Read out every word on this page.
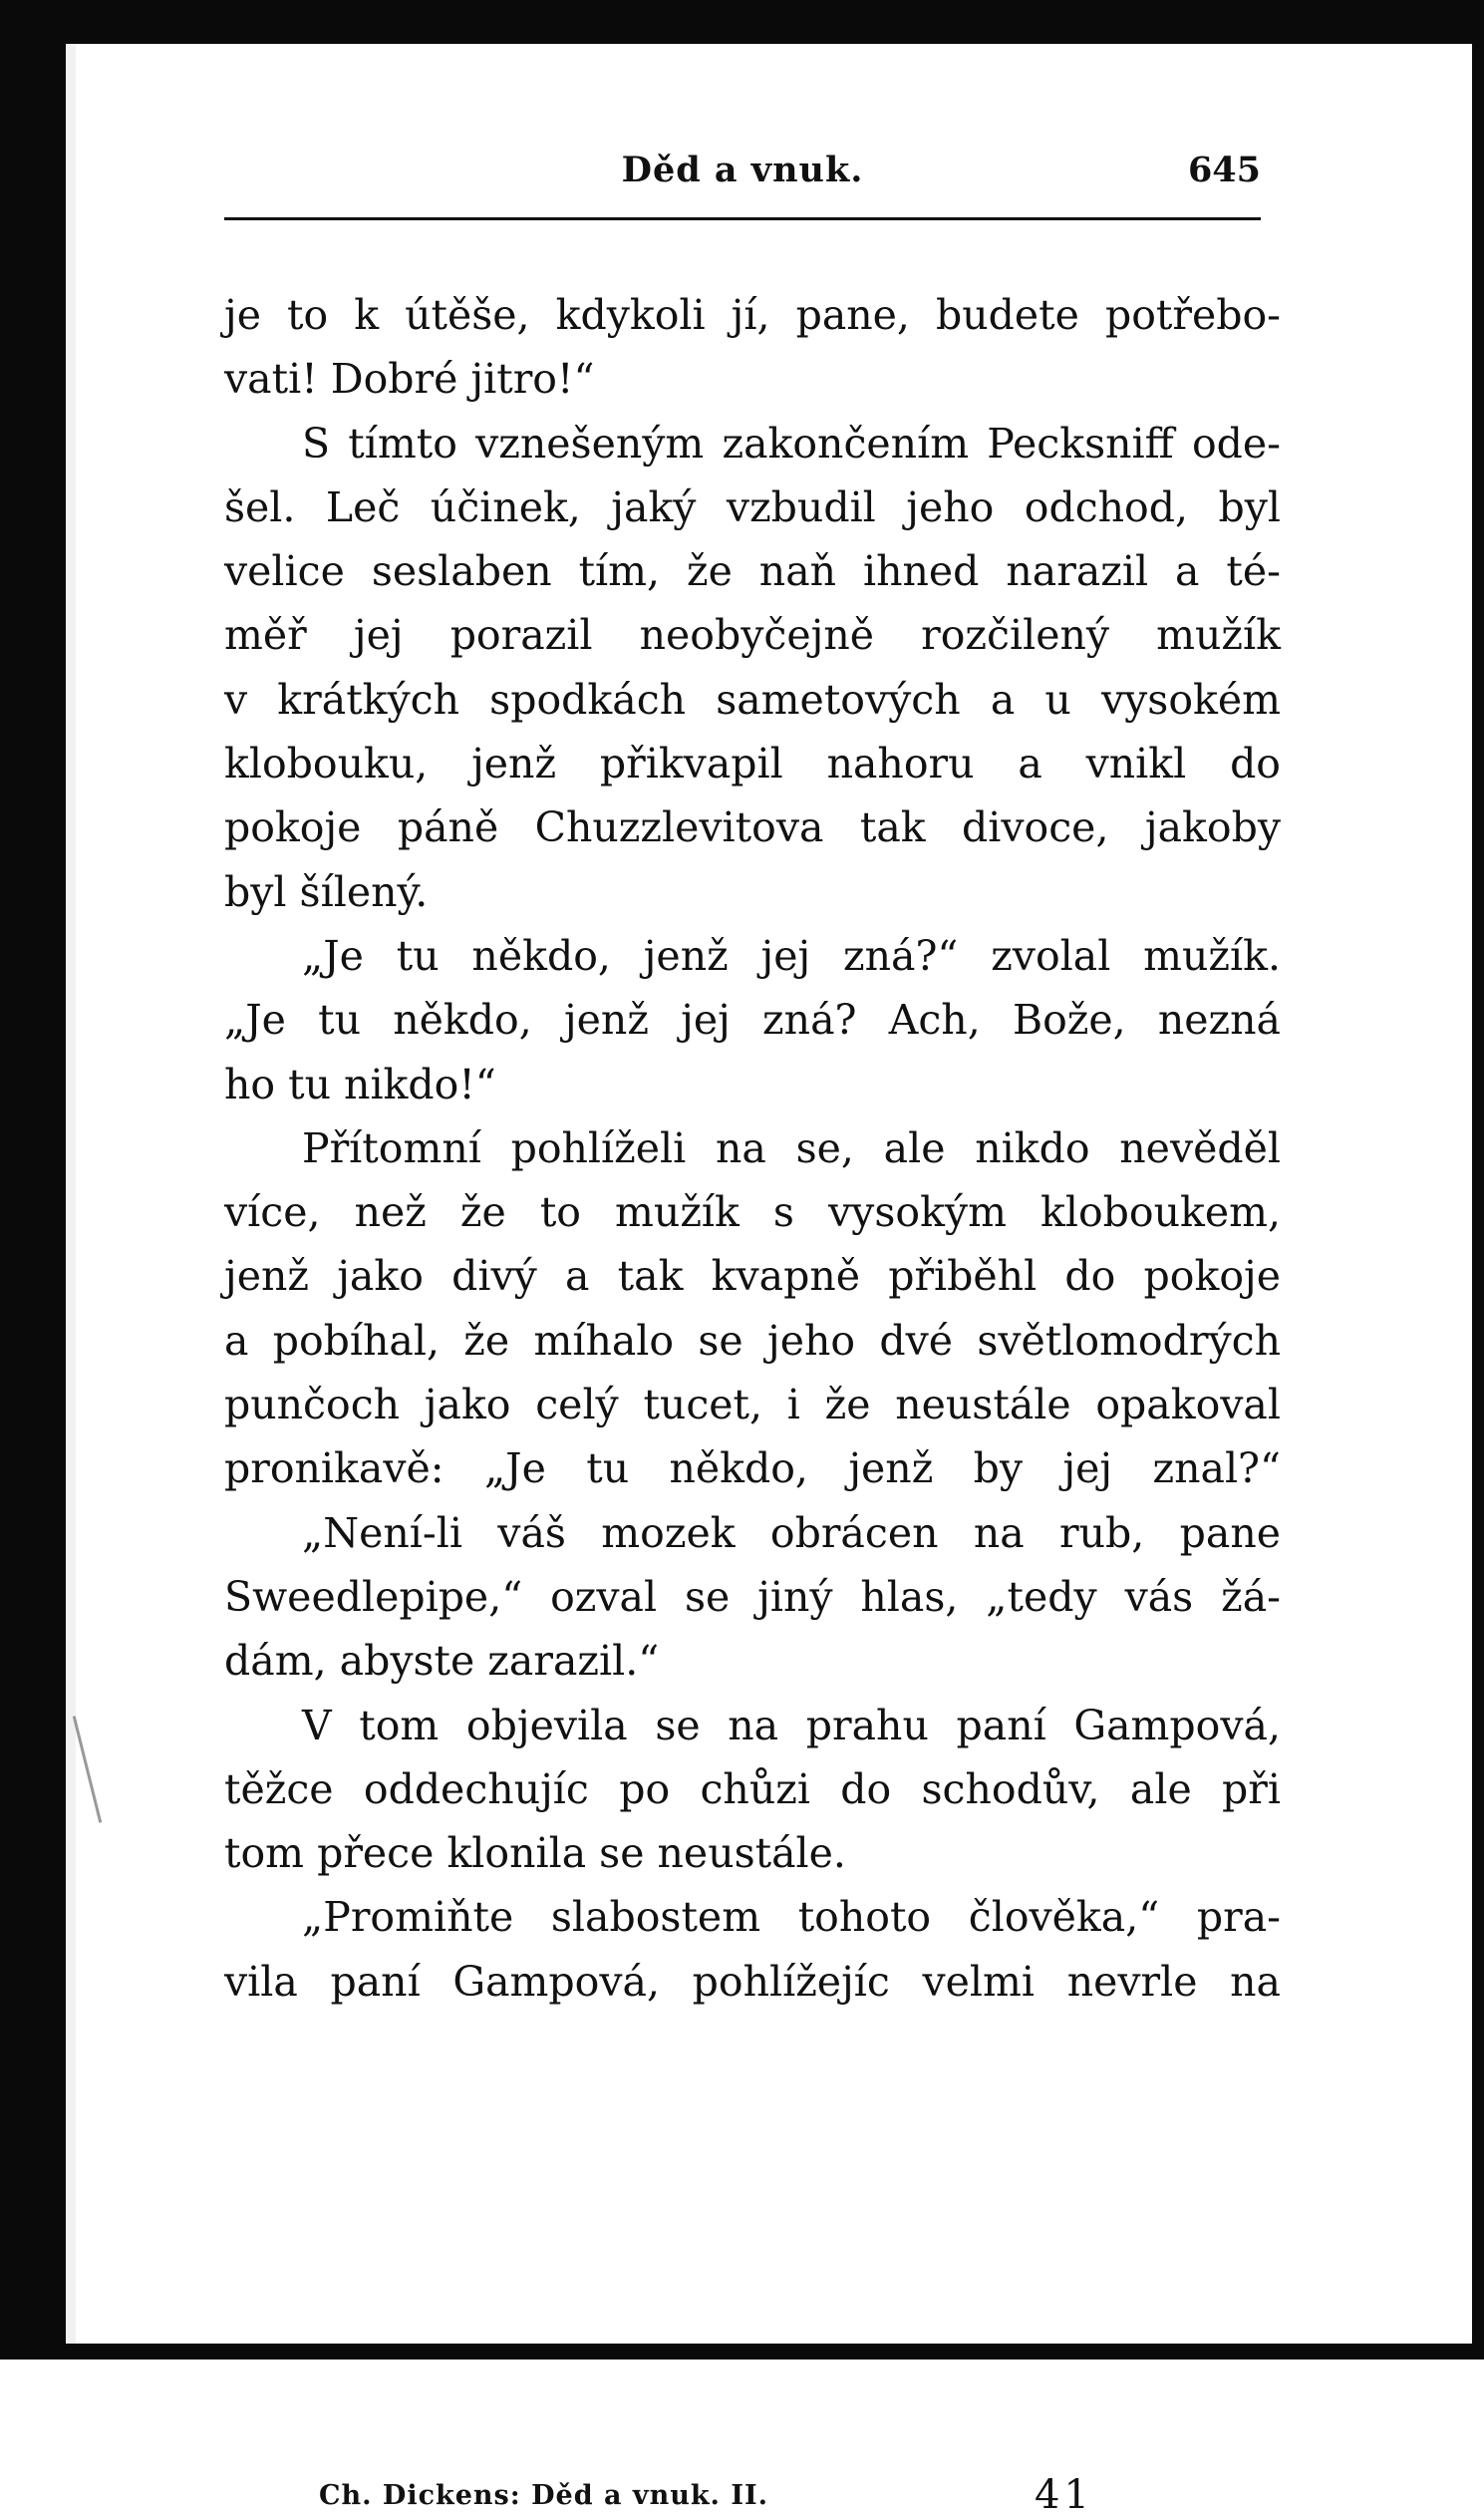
Děd a vnuk.	645
je to k útěše, kdykoli jí, pane, budete potřebo-
vati! Dobré jitro!“
S tímto vznešeným zakončením Pecksniff ode-
šel. Leč účinek, jaký vzbudil jeho odchod, byl
velice seslaben tím, že naň ihned narazil a té-
měř jej porazil neobyčejně rozčilený mužík
v krátkých spodkách sametových a u vysokém
klobouku, jenž přikvapil nahoru a vnikl do
pokoje páně Chuzzlevitova tak divoce, jakoby
byl šílený.
„Je tu někdo, jenž jej zná?“ zvolal mužík.
„Je tu někdo, jenž jej zná? Ach, Bože, nezná
ho tu nikdo!“
Přítomní pohlíželi na se, ale nikdo nevěděl
více, než že to mužík s vysokým kloboukem,
jenž jako divý a tak kvapně přiběhl do pokoje
a pobíhal, že míhalo se jeho dvé světlomodrých
punčoch jako celý tucet, i že neustále opakoval
pronikavě: „Je tu někdo, jenž by jej znal?“
„Není-li váš mozek obrácen na rub, pane
Sweedlepipe,“ ozval se jiný hlas, „tedy vás žá-
dám, abyste zarazil.“
V tom objevila se na prahu paní Gampová,
těžce oddechujíc po chůzi do schodův, ale při
tom přece klonila se neustále.
„Promiňte slabostem tohoto člověka,“ pra-
vila paní Gampová, pohlížejíc velmi nevrle na
Ch. Dickens: Děd a vnuk. II.	41
